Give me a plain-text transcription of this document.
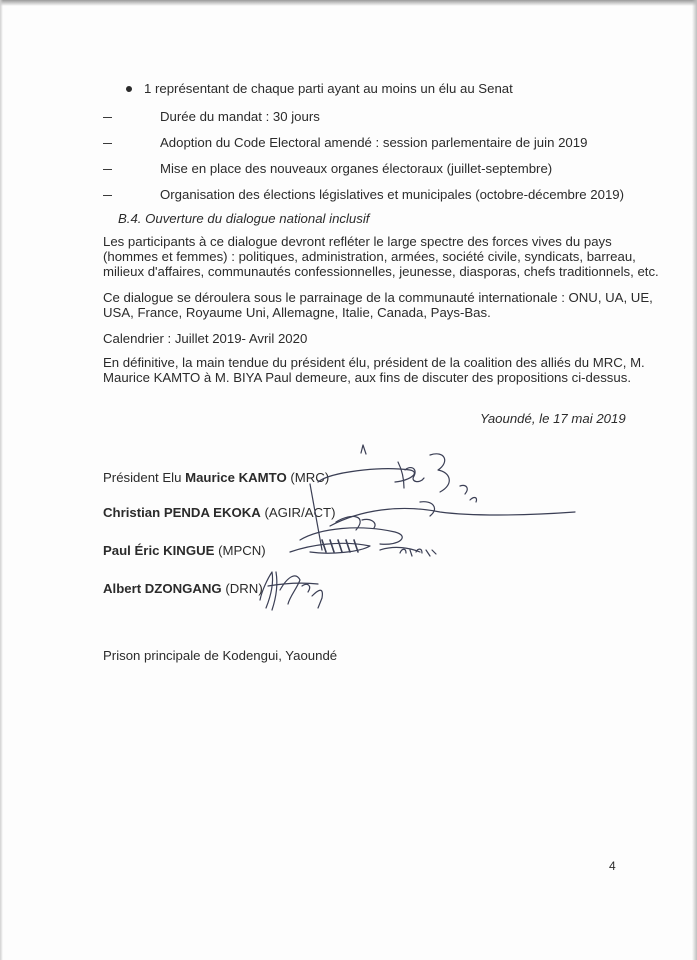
1 représentant de chaque parti ayant au moins un élu au Senat
Durée du mandat : 30 jours
Adoption du Code Electoral amendé : session parlementaire de juin 2019
Mise en place des nouveaux organes électoraux (juillet-septembre)
Organisation des élections législatives et municipales (octobre-décembre 2019)
B.4. Ouverture du dialogue national inclusif
Les participants à ce dialogue devront refléter le large spectre des forces vives du pays
(hommes et femmes) : politiques, administration, armées, société civile, syndicats, barreau,
milieux d'affaires, communautés confessionnelles, jeunesse, diasporas, chefs traditionnels, etc.
Ce dialogue se déroulera sous le parrainage de la communauté internationale : ONU, UA, UE,
USA, France, Royaume Uni, Allemagne, Italie, Canada, Pays-Bas.
Calendrier : Juillet 2019- Avril 2020
En définitive, la main tendue du président élu, président de la coalition des alliés du MRC, M.
Maurice KAMTO à M. BIYA Paul demeure, aux fins de discuter des propositions ci-dessus.
Yaoundé, le 17 mai 2019
Président Elu Maurice KAMTO (MRC)
Christian PENDA EKOKA (AGIR/ACT)
Paul Éric KINGUE (MPCN)
Albert DZONGANG (DRN)
Prison principale de Kodengui, Yaoundé
4
